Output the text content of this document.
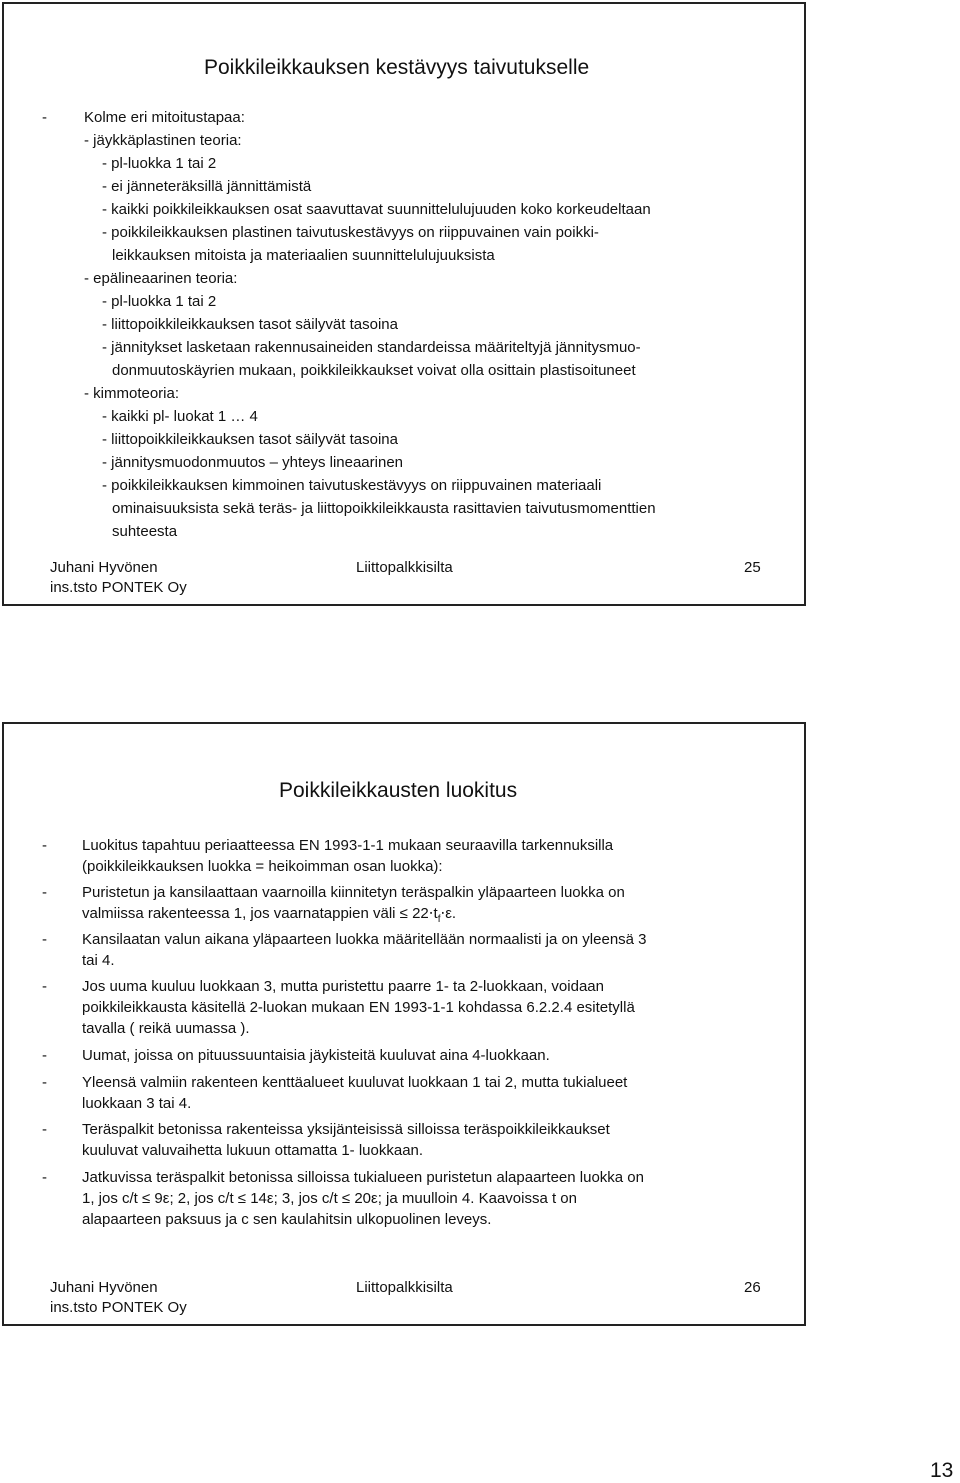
Poikkileikkauksen kestävyys taivutukselle
- Kolme eri mitoitustapaa:
- jäykkäplastinen teoria:
- pl-luokka 1 tai 2
- ei jänneteräksillä jännittämistä
- kaikki poikkileikkauksen osat saavuttavat suunnittelulujuuden koko korkeudeltaan
- poikkileikkauksen plastinen taivutuskestävyys on riippuvainen vain poikki-
leikkauksen mitoista ja materiaalien suunnittelulujuuksista
- epälineaarinen teoria:
- pl-luokka 1 tai 2
- liittopoikkileikkauksen tasot säilyvät tasoina
- jännitykset lasketaan rakennusaineiden standardeissa määriteltyjä jännitysmuo-
donmuutoskäyrien mukaan, poikkileikkaukset voivat olla osittain plastisoituneet
- kimmoteoria:
- kaikki pl- luokat 1 … 4
- liittopoikkileikkauksen tasot säilyvät tasoina
- jännitysmuodonmuutos – yhteys lineaarinen
- poikkileikkauksen kimmoinen taivutuskestävyys on riippuvainen materiaali
ominaisuuksista sekä teräs- ja liittopoikkileikkausta rasittavien taivutusmomenttien
suhteesta
Juhani Hyvönen
ins.tsto PONTEK Oy
Liittopalkkisilta	25
Poikkileikkausten luokitus
- Luokitus tapahtuu periaatteessa EN 1993-1-1 mukaan seuraavilla tarkennuksilla
(poikkileikkauksen luokka = heikoimman osan luokka):
- Puristetun ja kansilaattaan vaarnoilla kiinnitetyn teräspalkin yläpaarteen luokka on
valmiissa rakenteessa 1, jos vaarnatappien väli ≤ $22\cdot t_f\cdot\varepsilon$.
- Kansilaatan valun aikana yläpaarteen luokka määritellään normaalisti ja on yleensä 3
tai 4.
- Jos uuma kuuluu luokkaan 3, mutta puristettu paarre 1- ta 2-luokkaan, voidaan
poikkileikkausta käsitellä 2-luokan mukaan EN 1993-1-1 kohdassa 6.2.2.4 esitetyllä
tavalla ( reikä uumassa ).
- Uumat, joissa on pituussuuntaisia jäykisteitä kuuluvat aina 4-luokkaan.
- Yleensä valmiin rakenteen kenttäalueet kuuluvat luokkaan 1 tai 2, mutta tukialueet
luokkaan 3 tai 4.
- Teräspalkit betonissa rakenteissa yksijänteisissä silloissa teräspoikkileikkaukset
kuuluvat valuvaihetta lukuun ottamatta 1- luokkaan.
- Jatkuvissa teräspalkit betonissa silloissa tukialueen puristetun alapaarteen luokka on
1, jos c/t ≤ 9ε; 2, jos c/t ≤ 14ε; 3, jos c/t ≤ 20ε; ja muulloin 4. Kaavoissa t on
alapaarteen paksuus ja c sen kaulahitsin ulkopuolinen leveys.
Juhani Hyvönen
ins.tsto PONTEK Oy
Liittopalkkisilta	26
13
